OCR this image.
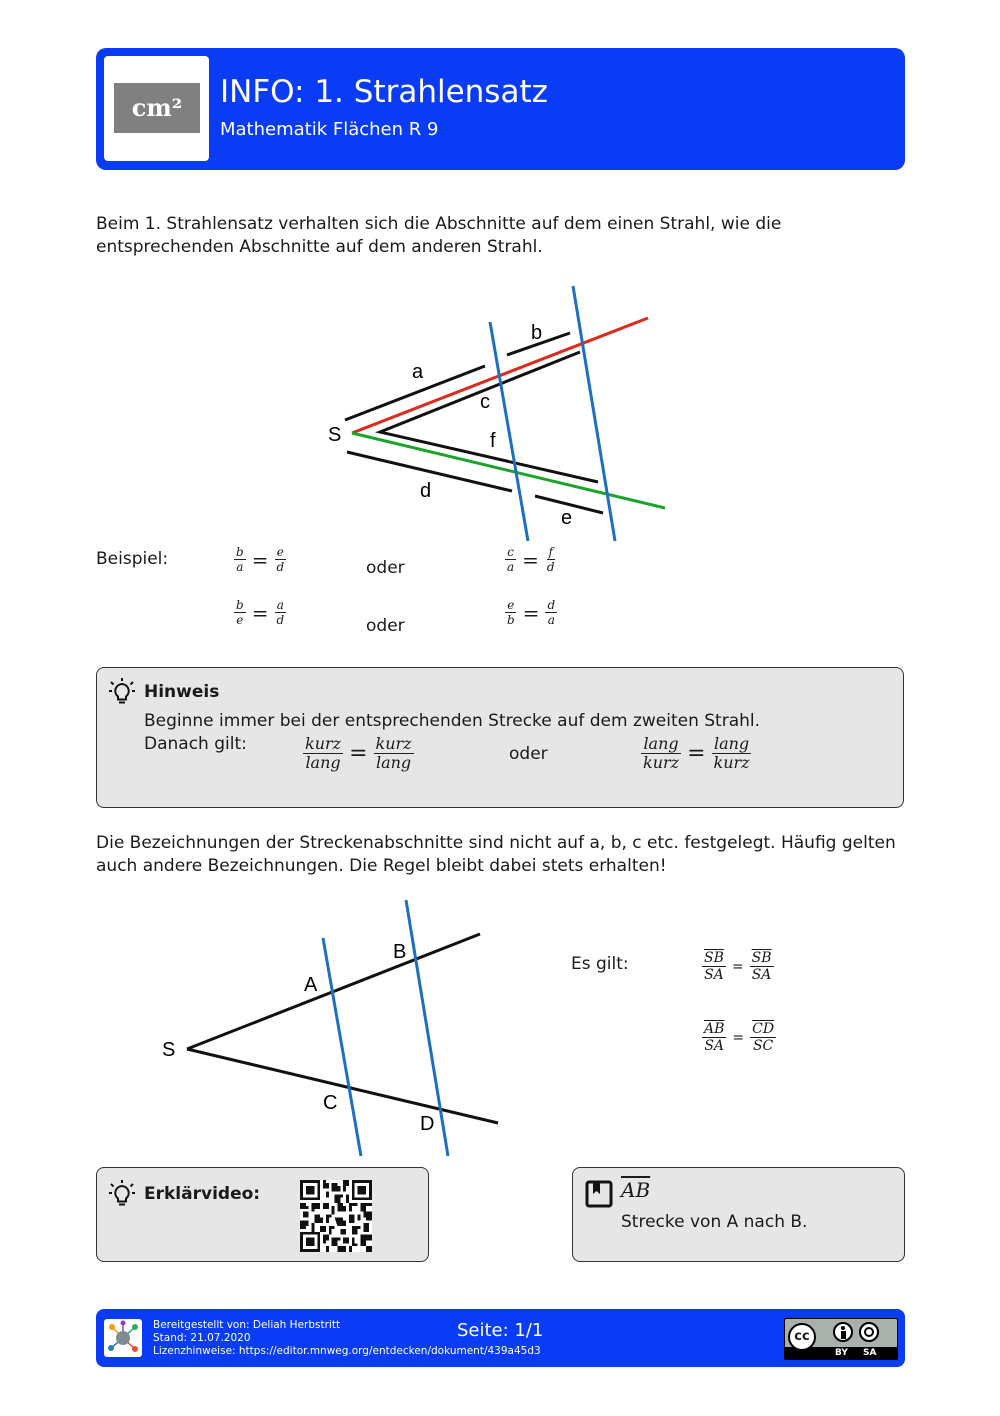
cm²	INFO: 1. Strahlensatz
Mathematik Flächen R 9
Beim 1. Strahlensatz verhalten sich die Abschnitte auf dem einen Strahl, wie die entsprechenden Abschnitte auf dem anderen Strahl.
S
a
b
c
f
d
e
Beispiel:	$\frac{b}{a} = \frac{e}{d}$	oder	$\frac{c}{a} = \frac{f}{d}$
$\frac{b}{e} = \frac{a}{d}$	oder	$\frac{e}{b} = \frac{d}{a}$
Hinweis
Beginne immer bei der entsprechenden Strecke auf dem zweiten Strahl.
Danach gilt:	$\frac{\text{kurz}}{\text{lang}} = \frac{\text{kurz}}{\text{lang}}$	oder	$\frac{\text{lang}}{\text{kurz}} = \frac{\text{lang}}{\text{kurz}}$
Die Bezeichnungen der Streckenabschnitte sind nicht auf a, b, c etc. festgelegt. Häufig gelten auch andere Bezeichnungen. Die Regel bleibt dabei stets erhalten!
S
A
B
C
D
Es gilt:	$\frac{\overline{SB}}{SA} = \frac{\overline{SB}}{SA}$
$\frac{\overline{AB}}{SA} = \frac{\overline{CD}}{SC}$
Erklärvideo:	$\overline{AB}$
Strecke von A nach B.
Bereitgestellt von: Deliah Herbstritt
Stand: 21.07.2020
Lizenzhinweise: https://editor.mnweg.org/entdecken/dokument/439a45d3
Seite: 1/1	cc
BY SA
